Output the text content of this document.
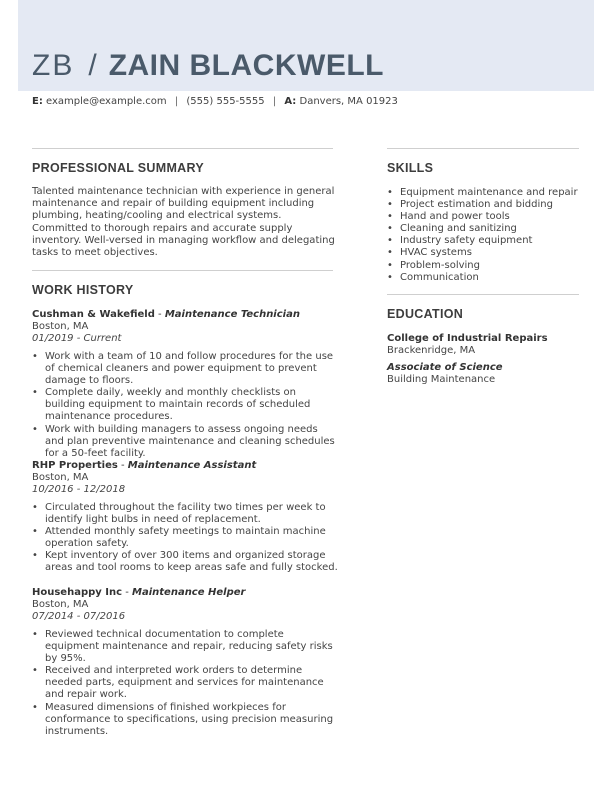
ZB / ZAIN BLACKWELL
E: example@example.com | (555) 555-5555 | A: Danvers, MA 01923
PROFESSIONAL SUMMARY
Talented maintenance technician with experience in general maintenance and repair of building equipment including plumbing, heating/cooling and electrical systems. Committed to thorough repairs and accurate supply inventory. Well-versed in managing workflow and delegating tasks to meet objectives.
WORK HISTORY
Cushman & Wakefield - Maintenance Technician
Boston, MA
01/2019 - Current
• Work with a team of 10 and follow procedures for the use of chemical cleaners and power equipment to prevent damage to floors.
• Complete daily, weekly and monthly checklists on building equipment to maintain records of scheduled maintenance procedures.
• Work with building managers to assess ongoing needs and plan preventive maintenance and cleaning schedules for a 50-feet facility.
RHP Properties - Maintenance Assistant
Boston, MA
10/2016 - 12/2018
• Circulated throughout the facility two times per week to identify light bulbs in need of replacement.
• Attended monthly safety meetings to maintain machine operation safety.
• Kept inventory of over 300 items and organized storage areas and tool rooms to keep areas safe and fully stocked.
Househappy Inc - Maintenance Helper
Boston, MA
07/2014 - 07/2016
• Reviewed technical documentation to complete equipment maintenance and repair, reducing safety risks by 95%.
• Received and interpreted work orders to determine needed parts, equipment and services for maintenance and repair work.
• Measured dimensions of finished workpieces for conformance to specifications, using precision measuring instruments.
SKILLS
• Equipment maintenance and repair
• Project estimation and bidding
• Hand and power tools
• Cleaning and sanitizing
• Industry safety equipment
• HVAC systems
• Problem-solving
• Communication
EDUCATION
College of Industrial Repairs
Brackenridge, MA
Associate of Science
Building Maintenance
